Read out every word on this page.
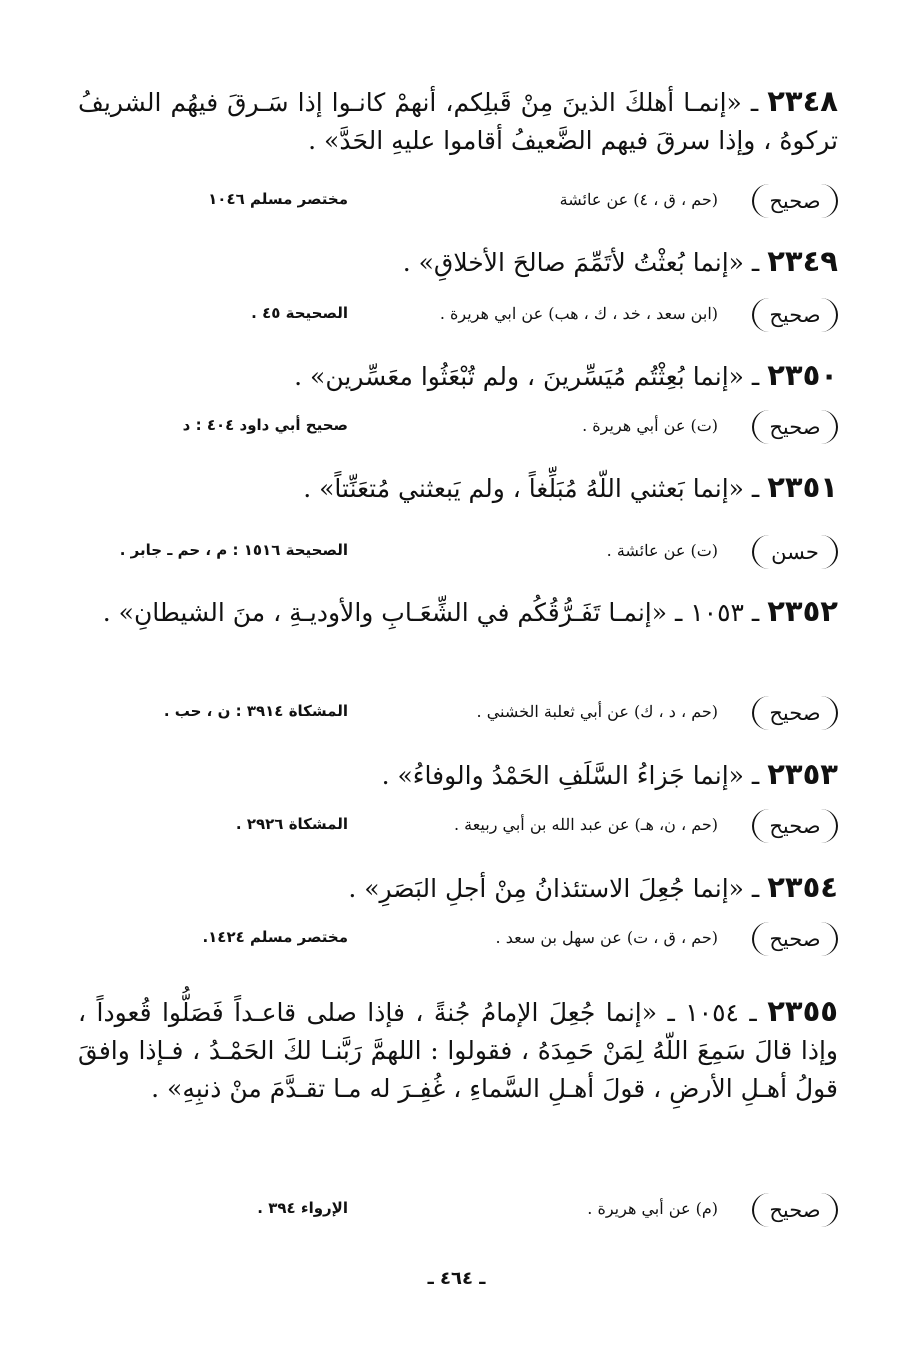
٢٣٤٨ ـ «إنمـا أهلكَ الذينَ مِنْ قَبلِكم، أنهمْ كانـوا إذا سَـرقَ فيهُم الشريفُ تركوهُ ، وإذا سرقَ فيهم الضَّعيفُ أقاموا عليهِ الحَدَّ» .
صحيح
(حم ، ق ، ٤) عن عائشة
مختصر مسلم ١٠٤٦
٢٣٤٩ ـ «إنما بُعثْتُ لأتَمِّمَ صالحَ الأخلاقِ» .
صحيح
(ابن سعد ، خد ، ك ، هب) عن ابي هريرة .
الصحيحة ٤٥ .
٢٣٥٠ ـ «إنما بُعِثْتُم مُيَسِّرينَ ، ولم تُبْعَثُوا معَسِّرين» .
صحيح
(ت) عن أبي هريرة .
صحيح أبي داود ٤٠٤ : د
٢٣٥١ ـ «إنما بَعثني اللّهُ مُبَلِّغاً ، ولم يَبعثني مُتعَنِّتاً» .
حسن
(ت) عن عائشة .
الصحيحة ١٥١٦ : م ، حم ـ جابر .
٢٣٥٢ ـ ١٠٥٣ ـ «إنمـا تَفَـرُّقُكُم في الشِّعَـابِ والأوديـةِ ، منَ الشيطانِ» .
صحيح
(حم ، د ، ك) عن أبي ثعلبة الخشني .
المشكاة ٣٩١٤ : ن ، حب .
٢٣٥٣ ـ «إنما جَزاءُ السَّلَفِ الحَمْدُ والوفاءُ» .
صحيح
(حم ، ن، هـ) عن عبد الله بن أبي ربيعة .
المشكاة ٢٩٢٦ .
٢٣٥٤ ـ «إنما جُعِلَ الاستئذانُ مِنْ أجلِ البَصَرِ» .
صحيح
(حم ، ق ، ت) عن سهل بن سعد .
مختصر مسلم ١٤٢٤.
٢٣٥٥ ـ ١٠٥٤ ـ «إنما جُعِلَ الإمامُ جُنةً ، فإذا صلى قاعـداً فَصَلُّوا قُعوداً ، وإذا قالَ سَمِعَ اللّهُ لِمَنْ حَمِدَهُ ، فقولوا : اللهمَّ رَبَّنـا لكَ الحَمْـدُ ، فـإذا وافقَ قولُ أهـلِ الأرضِ ، قولَ أهـلِ السَّماءِ ، غُفِـرَ له مـا تقـدَّمَ منْ ذنبِهِ» .
صحيح
(م) عن أبي هريرة .
الإرواء ٣٩٤ .
ـ ٤٦٤ ـ
